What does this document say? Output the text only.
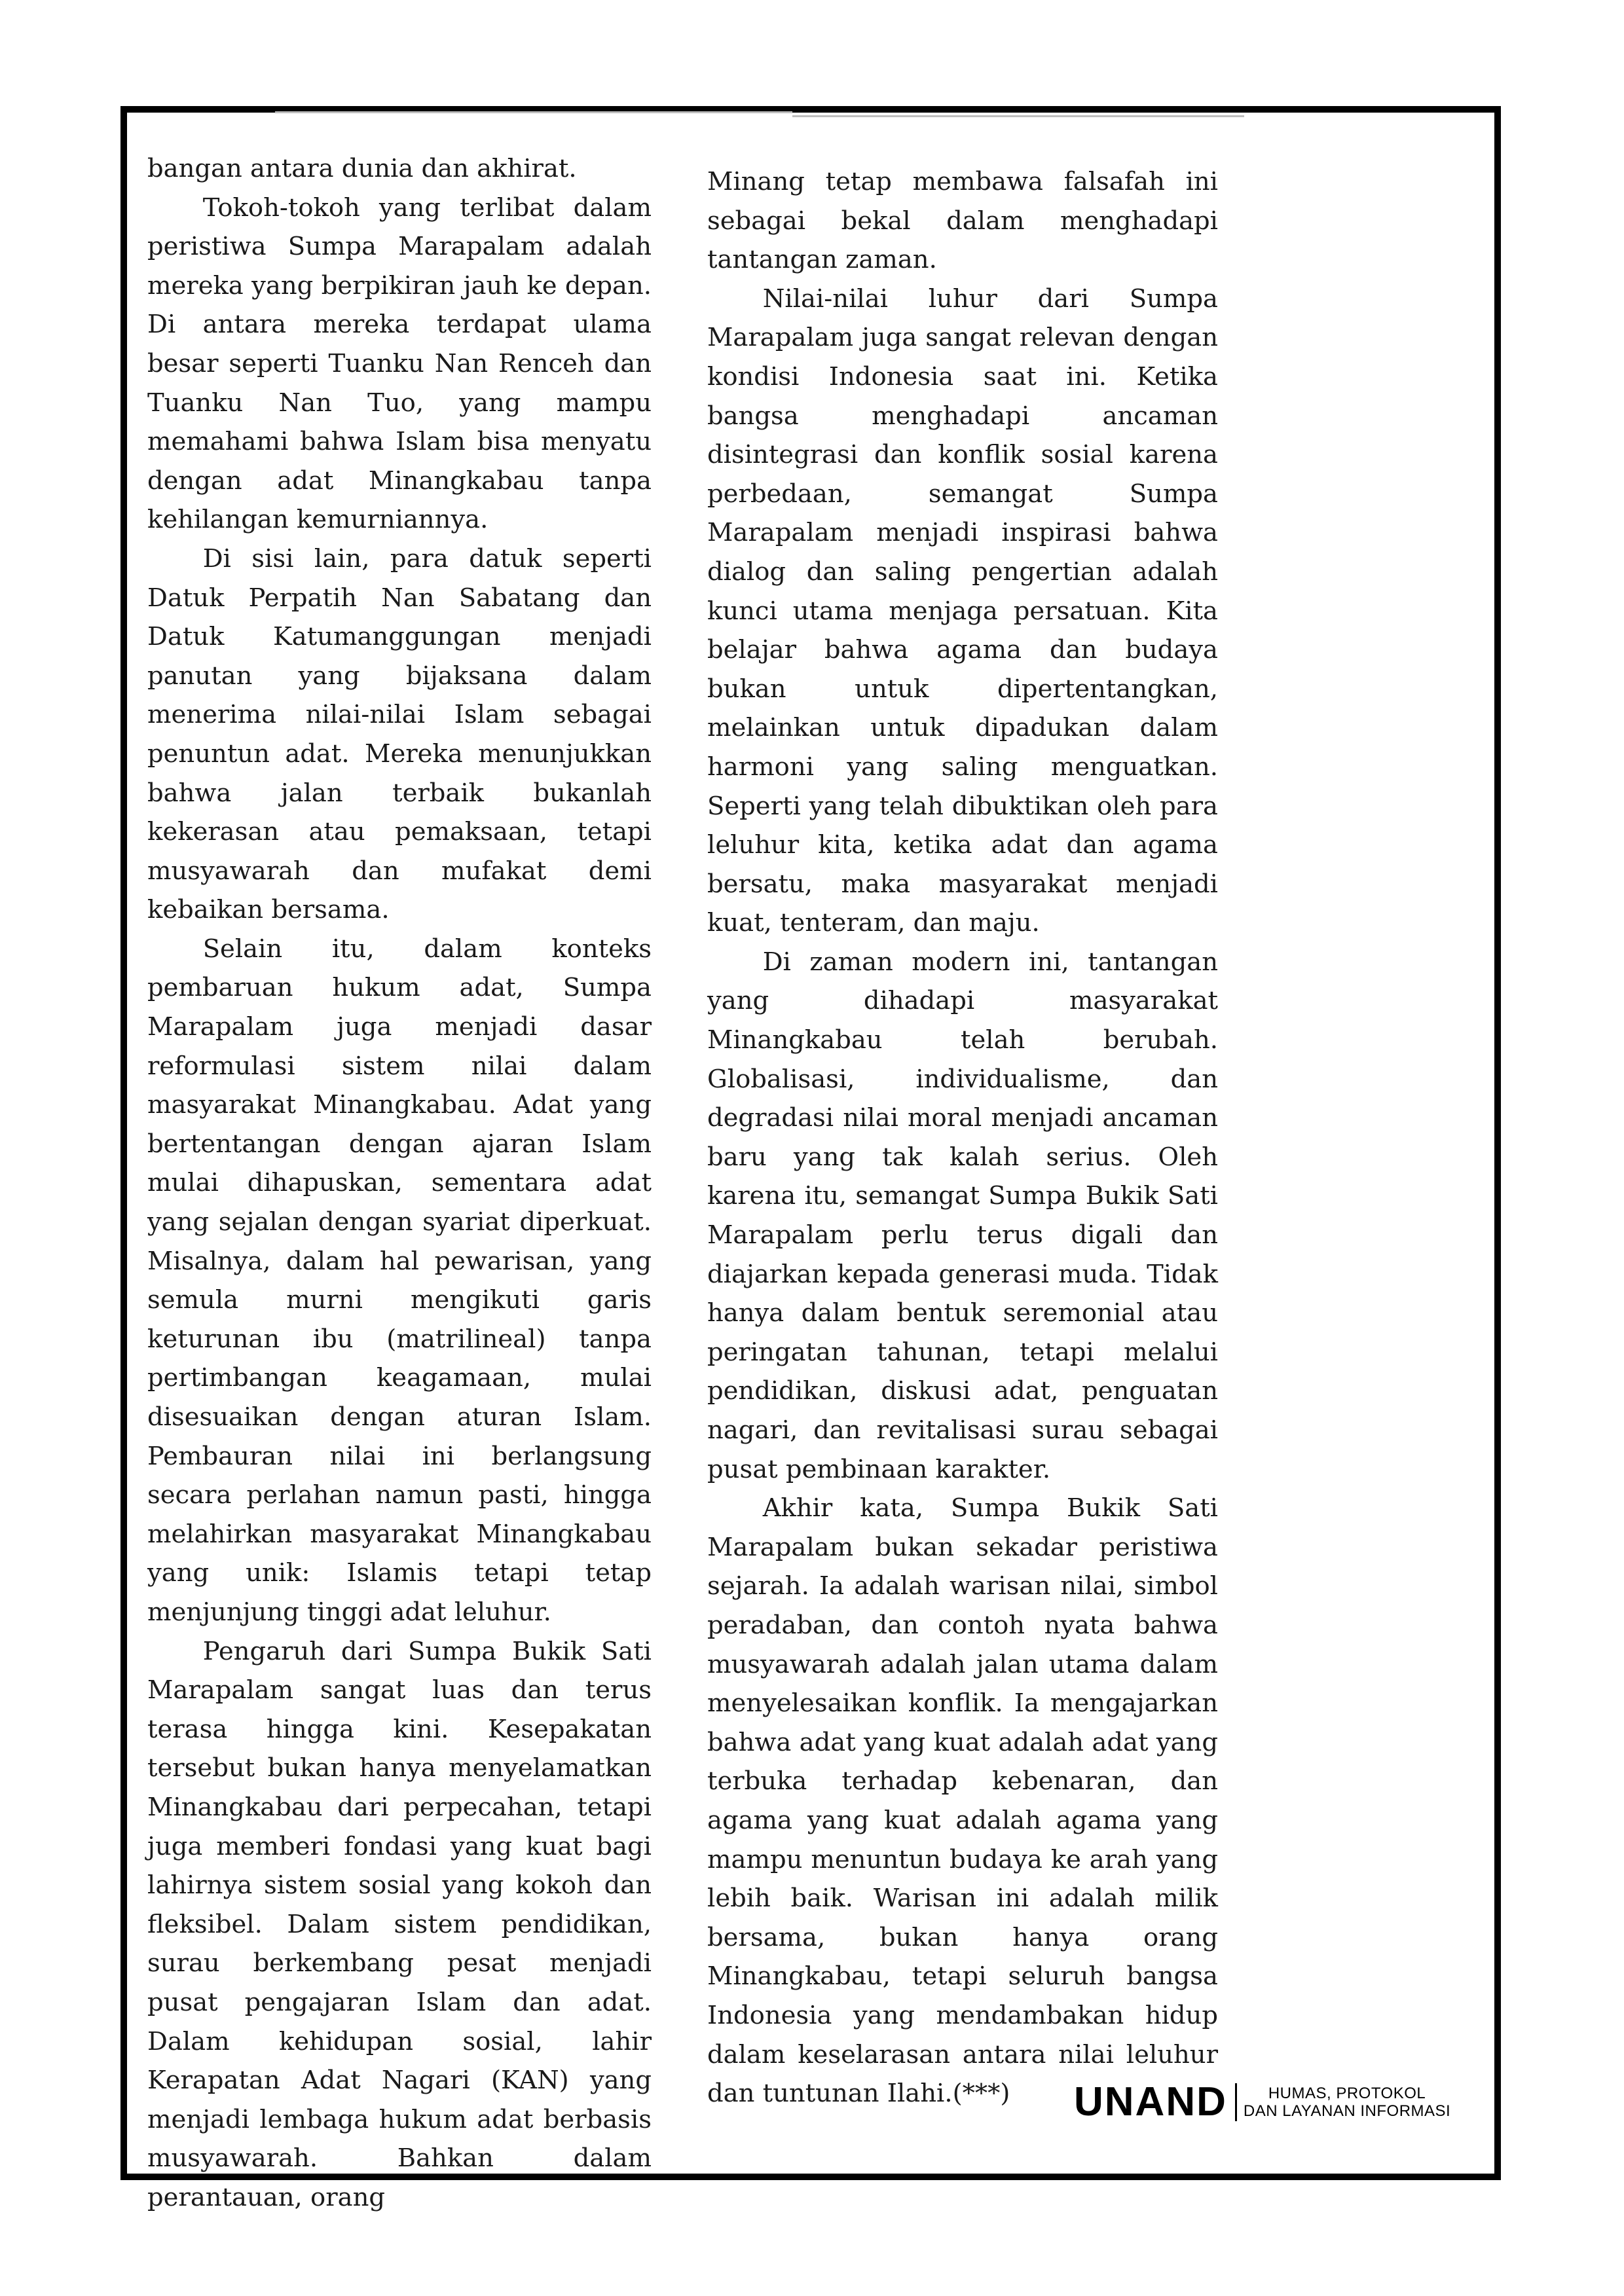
bangan antara dunia dan akhirat.

Tokoh-tokoh yang terlibat dalam peristiwa Sumpa Marapalam adalah mereka yang berpikiran jauh ke depan. Di antara mereka terdapat ulama besar seperti Tuanku Nan Renceh dan Tuanku Nan Tuo, yang mampu memahami bahwa Islam bisa menyatu dengan adat Minangkabau tanpa kehilangan kemurniannya.

Di sisi lain, para datuk seperti Datuk Perpatih Nan Sabatang dan Datuk Katumanggungan menjadi panutan yang bijaksana dalam menerima nilai-nilai Islam sebagai penuntun adat. Mereka menunjukkan bahwa jalan terbaik bukanlah kekerasan atau pemaksaan, tetapi musyawarah dan mufakat demi kebaikan bersama.

Selain itu, dalam konteks pembaruan hukum adat, Sumpa Marapalam juga menjadi dasar reformulasi sistem nilai dalam masyarakat Minangkabau. Adat yang bertentangan dengan ajaran Islam mulai dihapuskan, sementara adat yang sejalan dengan syariat diperkuat. Misalnya, dalam hal pewarisan, yang semula murni mengikuti garis keturunan ibu (matrilineal) tanpa pertimbangan keagamaan, mulai disesuaikan dengan aturan Islam. Pembauran nilai ini berlangsung secara perlahan namun pasti, hingga melahirkan masyarakat Minangkabau yang unik: Islamis tetapi tetap menjunjung tinggi adat leluhur.

Pengaruh dari Sumpa Bukik Sati Marapalam sangat luas dan terus terasa hingga kini. Kesepakatan tersebut bukan hanya menyelamatkan Minangkabau dari perpecahan, tetapi juga memberi fondasi yang kuat bagi lahirnya sistem sosial yang kokoh dan fleksibel. Dalam sistem pendidikan, surau berkembang pesat menjadi pusat pengajaran Islam dan adat. Dalam kehidupan sosial, lahir Kerapatan Adat Nagari (KAN) yang menjadi lembaga hukum adat berbasis musyawarah. Bahkan dalam perantauan, orang

Minang tetap membawa falsafah ini sebagai bekal dalam menghadapi tantangan zaman.

Nilai-nilai luhur dari Sumpa Marapalam juga sangat relevan dengan kondisi Indonesia saat ini. Ketika bangsa menghadapi ancaman disintegrasi dan konflik sosial karena perbedaan, semangat Sumpa Marapalam menjadi inspirasi bahwa dialog dan saling pengertian adalah kunci utama menjaga persatuan. Kita belajar bahwa agama dan budaya bukan untuk dipertentangkan, melainkan untuk dipadukan dalam harmoni yang saling menguatkan. Seperti yang telah dibuktikan oleh para leluhur kita, ketika adat dan agama bersatu, maka masyarakat menjadi kuat, tenteram, dan maju.

Di zaman modern ini, tantangan yang dihadapi masyarakat Minangkabau telah berubah. Globalisasi, individualisme, dan degradasi nilai moral menjadi ancaman baru yang tak kalah serius. Oleh karena itu, semangat Sumpa Bukik Sati Marapalam perlu terus digali dan diajarkan kepada generasi muda. Tidak hanya dalam bentuk seremonial atau peringatan tahunan, tetapi melalui pendidikan, diskusi adat, penguatan nagari, dan revitalisasi surau sebagai pusat pembinaan karakter.

Akhir kata, Sumpa Bukik Sati Marapalam bukan sekadar peristiwa sejarah. Ia adalah warisan nilai, simbol peradaban, dan contoh nyata bahwa musyawarah adalah jalan utama dalam menyelesaikan konflik. Ia mengajarkan bahwa adat yang kuat adalah adat yang terbuka terhadap kebenaran, dan agama yang kuat adalah agama yang mampu menuntun budaya ke arah yang lebih baik. Warisan ini adalah milik bersama, bukan hanya orang Minangkabau, tetapi seluruh bangsa Indonesia yang mendambakan hidup dalam keselarasan antara nilai leluhur dan tuntunan Ilahi.(***)	UNAND	HUMAS, PROTOKOL
DAN LAYANAN INFORMASI
